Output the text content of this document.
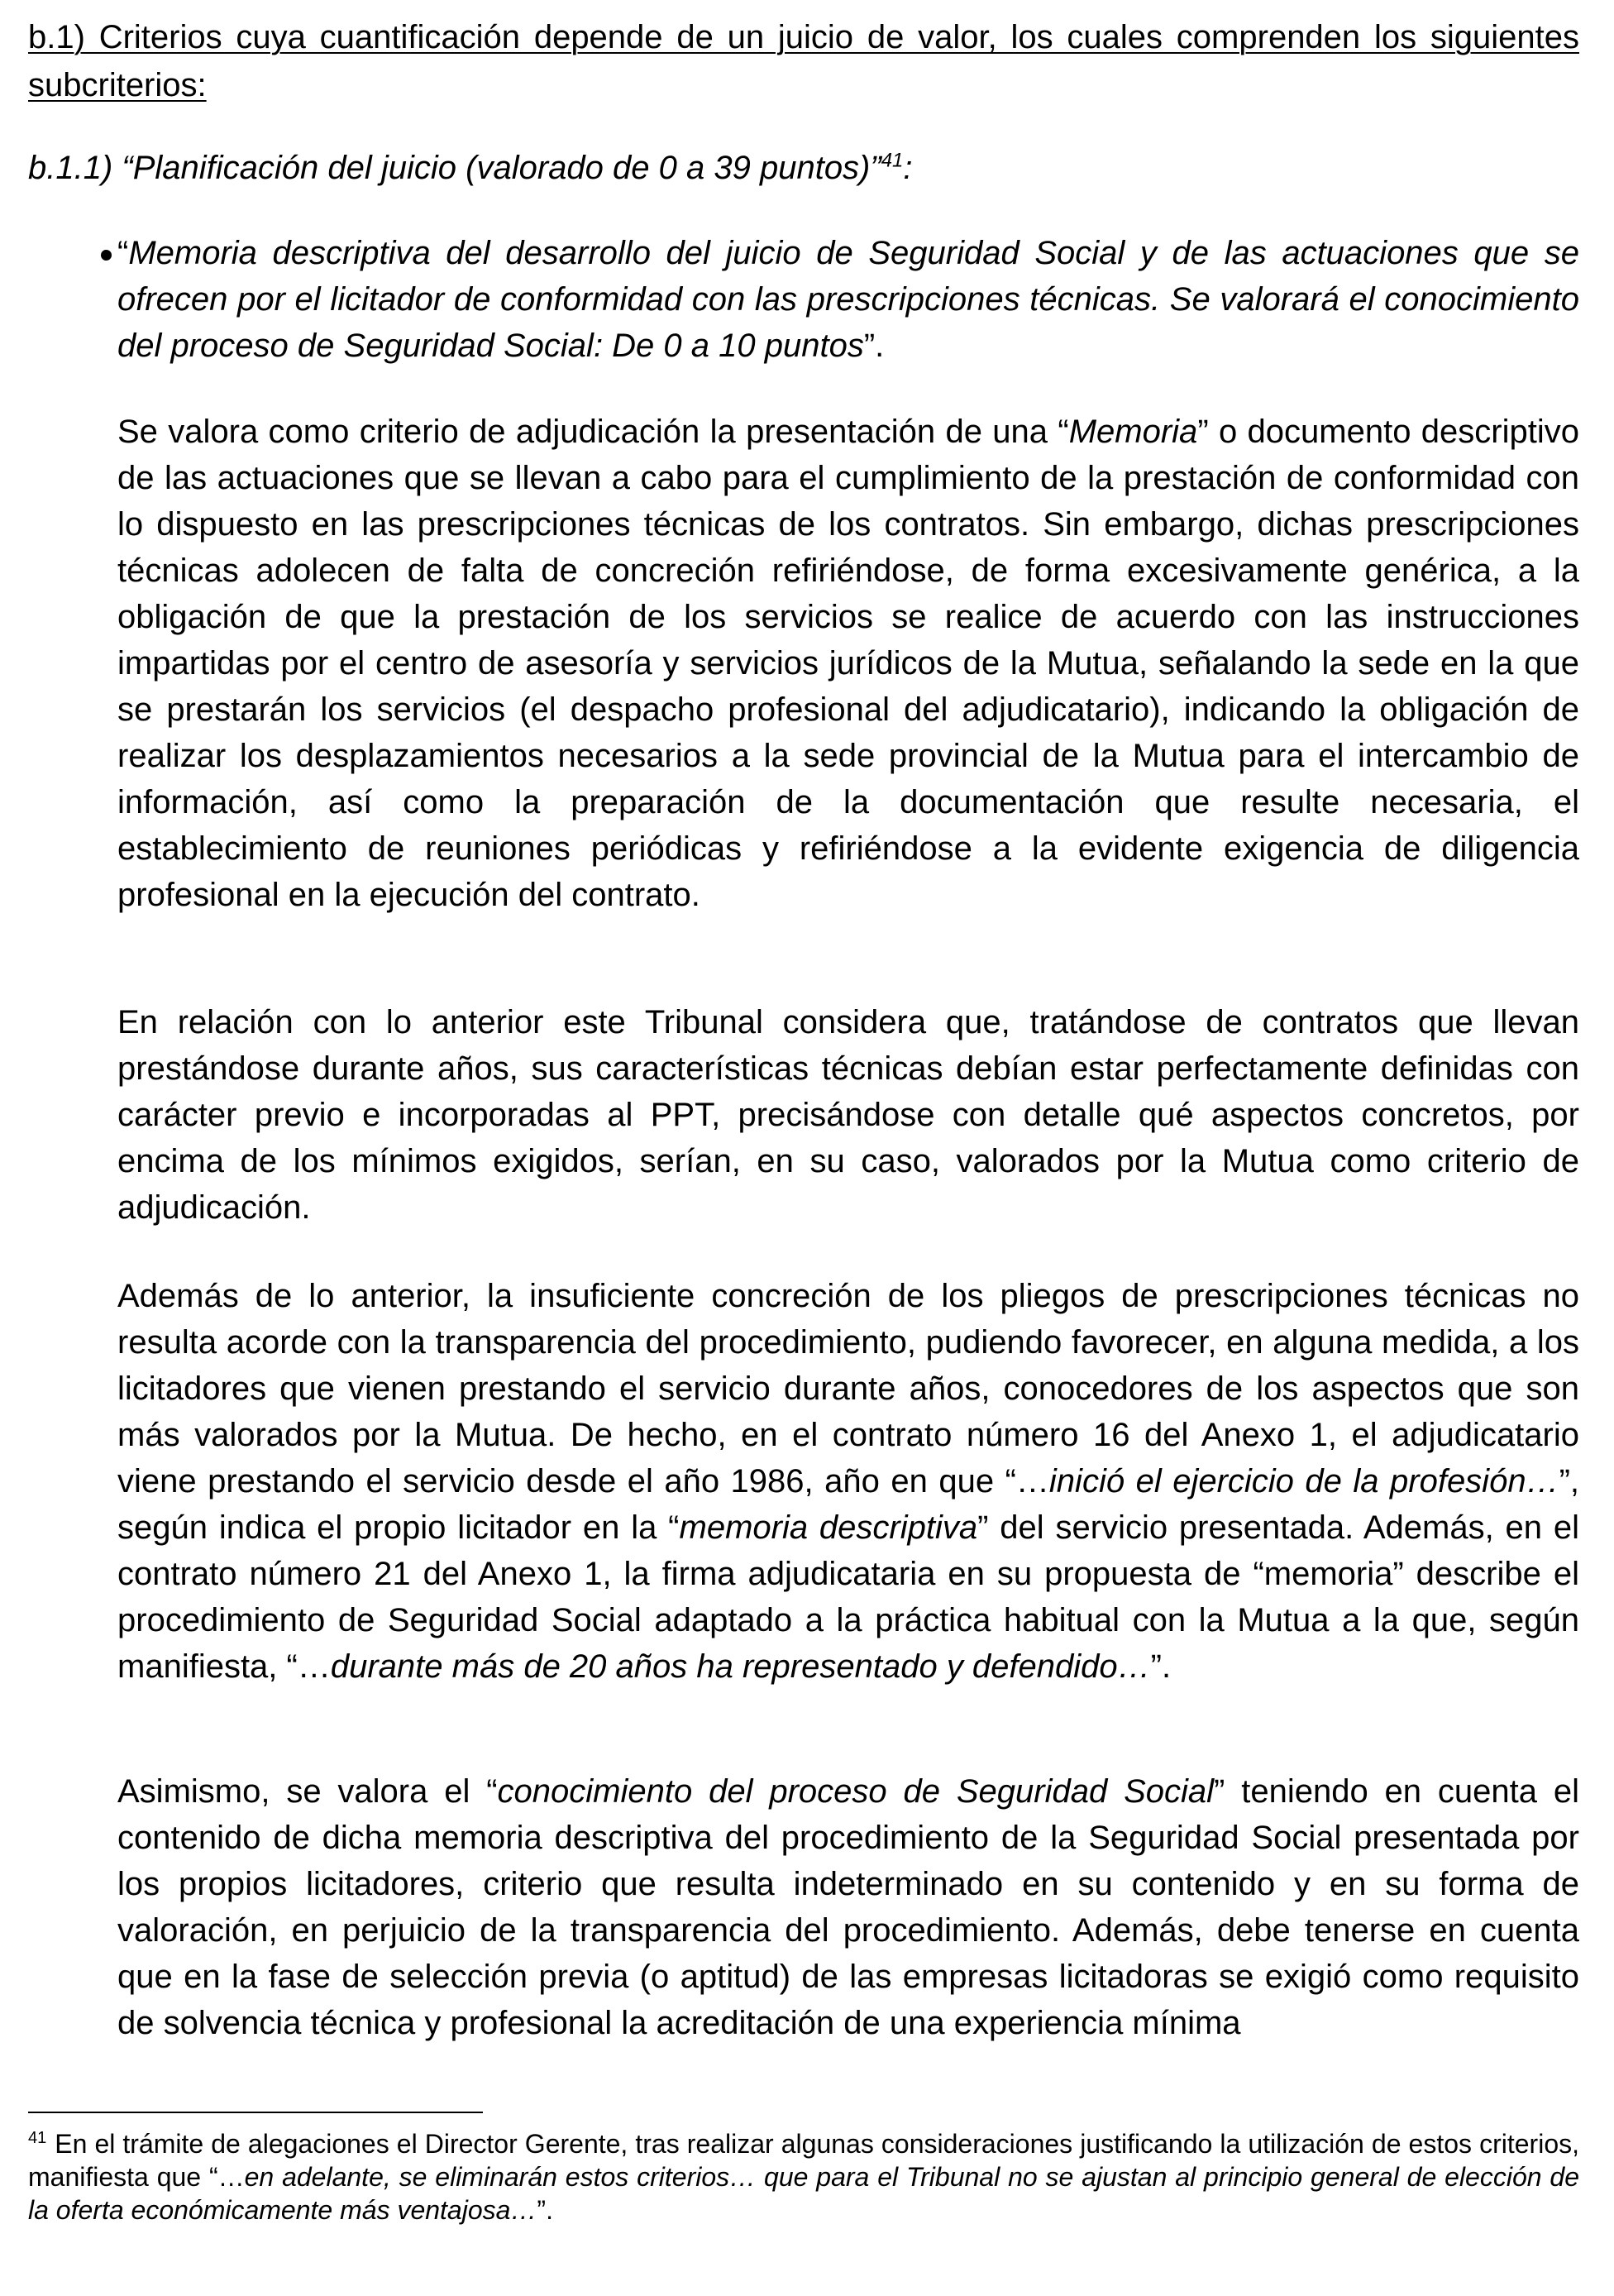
b.1) Criterios cuya cuantificación depende de un juicio de valor, los cuales comprenden los siguientes subcriterios:
b.1.1) “Planificación del juicio (valorado de 0 a 39 puntos)”$^{41}$:
“Memoria descriptiva del desarrollo del juicio de Seguridad Social y de las actuaciones que se ofrecen por el licitador de conformidad con las prescripciones técnicas. Se valorará el conocimiento del proceso de Seguridad Social: De 0 a 10 puntos”.

Se valora como criterio de adjudicación la presentación de una “Memoria” o documento descriptivo de las actuaciones que se llevan a cabo para el cumplimiento de la prestación de conformidad con lo dispuesto en las prescripciones técnicas de los contratos. Sin embargo, dichas prescripciones técnicas adolecen de falta de concreción refiriéndose, de forma excesivamente genérica, a la obligación de que la prestación de los servicios se realice de acuerdo con las instrucciones impartidas por el centro de asesoría y servicios jurídicos de la Mutua, señalando la sede en la que se prestarán los servicios (el despacho profesional del adjudicatario), indicando la obligación de realizar los desplazamientos necesarios a la sede provincial de la Mutua para el intercambio de información, así como la preparación de la documentación que resulte necesaria, el establecimiento de reuniones periódicas y refiriéndose a la evidente exigencia de diligencia profesional en la ejecución del contrato.

En relación con lo anterior este Tribunal considera que, tratándose de contratos que llevan prestándose durante años, sus características técnicas debían estar perfectamente definidas con carácter previo e incorporadas al PPT, precisándose con detalle qué aspectos concretos, por encima de los mínimos exigidos, serían, en su caso, valorados por la Mutua como criterio de adjudicación.

Además de lo anterior, la insuficiente concreción de los pliegos de prescripciones técnicas no resulta acorde con la transparencia del procedimiento, pudiendo favorecer, en alguna medida, a los licitadores que vienen prestando el servicio durante años, conocedores de los aspectos que son más valorados por la Mutua. De hecho, en el contrato número 16 del Anexo 1, el adjudicatario viene prestando el servicio desde el año 1986, año en que “…inició el ejercicio de la profesión…”, según indica el propio licitador en la “memoria descriptiva” del servicio presentada. Además, en el contrato número 21 del Anexo 1, la firma adjudicataria en su propuesta de “memoria” describe el procedimiento de Seguridad Social adaptado a la práctica habitual con la Mutua a la que, según manifiesta, “…durante más de 20 años ha representado y defendido…”.

Asimismo, se valora el “conocimiento del proceso de Seguridad Social” teniendo en cuenta el contenido de dicha memoria descriptiva del procedimiento de la Seguridad Social presentada por los propios licitadores, criterio que resulta indeterminado en su contenido y en su forma de valoración, en perjuicio de la transparencia del procedimiento. Además, debe tenerse en cuenta que en la fase de selección previa (o aptitud) de las empresas licitadoras se exigió como requisito de solvencia técnica y profesional la acreditación de una experiencia mínima

$^{41}$ En el trámite de alegaciones el Director Gerente, tras realizar algunas consideraciones justificando la utilización de estos criterios, manifiesta que “…en adelante, se eliminarán estos criterios… que para el Tribunal no se ajustan al principio general de elección de la oferta económicamente más ventajosa…”.
